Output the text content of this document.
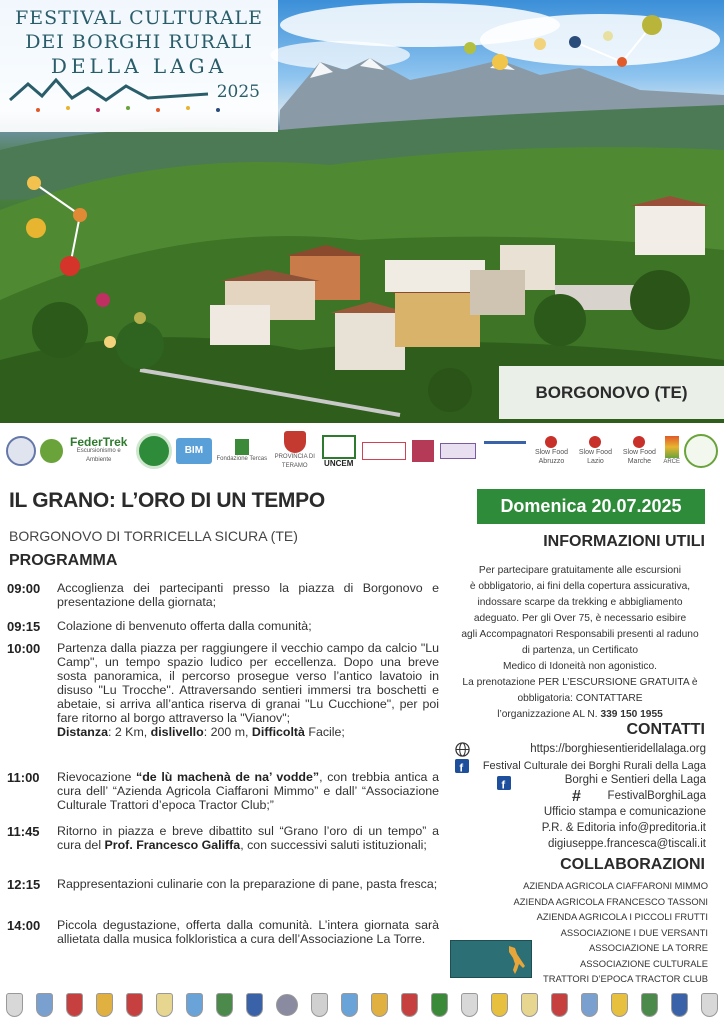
FESTIVAL CULTURALE
DEI BORGHI RURALI
DELLA LAGA
2025
BORGONOVO (TE)
FederTrek
Escursionismo e Ambiente
BIM
Fondazione Tercas	PROVINCIA DI TERAMO	UNCEM
Slow Food Abruzzo
Slow Food Lazio
Slow Food Marche	ARCE
IL GRANO: L’ORO DI UN TEMPO
BORGONOVO DI TORRICELLA SICURA (TE)
PROGRAMMA
09:00	Accoglienza dei partecipanti presso la piazza di Borgonovo e presentazione della giornata;
09:15	Colazione di benvenuto offerta dalla comunità;
10:00	Partenza dalla piazza per raggiungere il vecchio campo da calcio "Lu Camp", un tempo spazio ludico per eccellenza. Dopo una breve sosta panoramica, il percorso prosegue verso l’antico lavatoio in disuso "Lu Trocche". Attraversando sentieri immersi tra boschetti e abetaie, si arriva all’antica riserva di granai "Lu Cucchione", per poi fare ritorno al borgo attraverso la "Vianov";
Distanza: 2 Km, dislivello: 200 m, Difficoltà Facile;
11:00	Rievocazione “de lù machenà de na’ vodde”, con trebbia antica a cura dell’ “Azienda Agricola Ciaffaroni Mimmo” e dall’ “Associazione Culturale Trattori d’epoca Tractor Club;”
11:45	Ritorno in piazza e breve dibattito sul “Grano l’oro di un tempo” a cura del Prof. Francesco Galiffa, con successivi saluti istituzionali;
12:15	Rappresentazioni culinarie con la preparazione di pane, pasta fresca;
14:00	Piccola degustazione, offerta dalla comunità. L’intera giornata sarà allietata dalla musica folkloristica a cura dell’Associazione La Torre.
Domenica 20.07.2025
INFORMAZIONI UTILI
Per partecipare gratuitamente alle escursioni
è obbligatorio, ai fini della copertura assicurativa,
indossare scarpe da trekking e abbigliamento
adeguato. Per gli Over 75, è necessario esibire
agli Accompagnatori Responsabili presenti al raduno
di partenza, un Certificato
Medico di Idoneità non agonistico.
La prenotazione PER L’ESCURSIONE GRATUITA è
obbligatoria: CONTATTARE
l’organizzazione AL N. 339 150 1955
CONTATTI
https://borghiesentieridellalaga.org
f	Festival Culturale dei Borghi Rurali della Laga
f	Borghi e Sentieri della Laga
#	FestivalBorghiLaga
Ufficio stampa e comunicazione
P.R. & Editoria info@preditoria.it
digiuseppe.francesca@tiscali.it
COLLABORAZIONI
AZIENDA AGRICOLA CIAFFARONI MIMMO
AZIENDA AGRICOLA FRANCESCO TASSONI
AZIENDA AGRICOLA I PICCOLI FRUTTI
ASSOCIAZIONE I DUE VERSANTI
ASSOCIAZIONE LA TORRE
ASSOCIAZIONE CULTURALE
TRATTORI D’EPOCA TRACTOR CLUB
